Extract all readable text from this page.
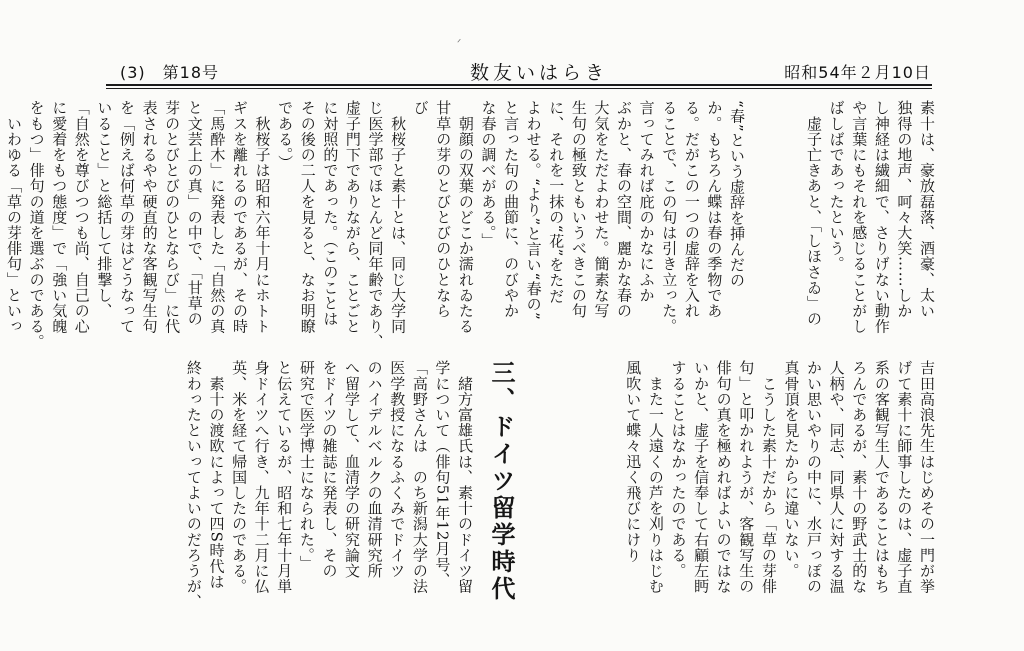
ᐟ
(3)　第18号	数友いはらき	昭和54年２月10日
“春”という虚辞を挿んだの
か。もちろん蝶は春の季物であ
る。だがこの一つの虚辞を入れ
ることで、この句は引き立った。
言ってみれば庇のかなにふか
ぶかと、春の空間、麗かな春の
大気をただよわせた。簡素な写
生句の極致ともいうべきこの句
に、それを一抹の“花”をただ
よわせる。“より”と言い“春の”
と言った句の曲節に、のびやか
な春の調べがある。」
　朝顔の双葉のどこか濡れゐたる
甘草の芽のとびとびのひとなら
び
　秋桜子と素十とは、同じ大学同
じ医学部でほとんど同年齢であり、
虚子門下でありながら、ことごと
に対照的であった。（このことは
その後の二人を見ると、なお明瞭
である。）
　秋桜子は昭和六年十月にホトト
ギスを離れるのであるが、その時
「馬酔木」に発表した「自然の真
と文芸上の真」の中で、「甘草の
芽のとびとびのひとならび」に代
表されるやや硬直的な客観写生句
を「例えば何草の芽はどうなって
いること」と総括して排撃し、
「自然を尊びつつも尚、自己の心
に愛着をもつ態度」で「強い気魄
をもつ」俳句の道を選ぶのである。
　いわゆる「草の芽俳句」といっ	素十は、豪放磊落、酒豪、太い
独得の地声、呵々大笑……しか
し神経は繊細で、さりげない動作
や言葉にもそれを感じることがし
ばしばであったという。
　虚子亡きあと、「しほさゐ」の
吉田高浪先生はじめその一門が挙
げて素十に師事したのは、虚子直
系の客観写生人であることはもち
ろんであるが、素十の野武士的な
人柄や、同志、同県人に対する温
かい思いやりの中に、水戸っぽの
真骨頂を見たからに違いない。
　こうした素十だから「草の芽俳
句」と叩かれようが、客観写生の
俳句の真を極めればよいのではな
いかと、虚子を信奉して右顧左眄
することはなかったのである。
　また一人遠くの芦を刈りはじむ
風吹いて蝶々迅く飛びにけり
三、ドイツ留学時代
　緒方富雄氏は、素十のドイツ留
学について（俳句51年12月号、
「高野さんは　のち新潟大学の法
医学教授になるふくみでドイツ
のハイデルベルクの血清研究所
へ留学して、血清学の研究論文
をドイツの雑誌に発表し、その
研究で医学博士になられた。」
と伝えているが、昭和七年十月単
身ドイツへ行き、九年十二月に仏
英、米を経て帰国したのである。
　素十の渡欧によって四S時代は
終わったといってよいのだろうが、
